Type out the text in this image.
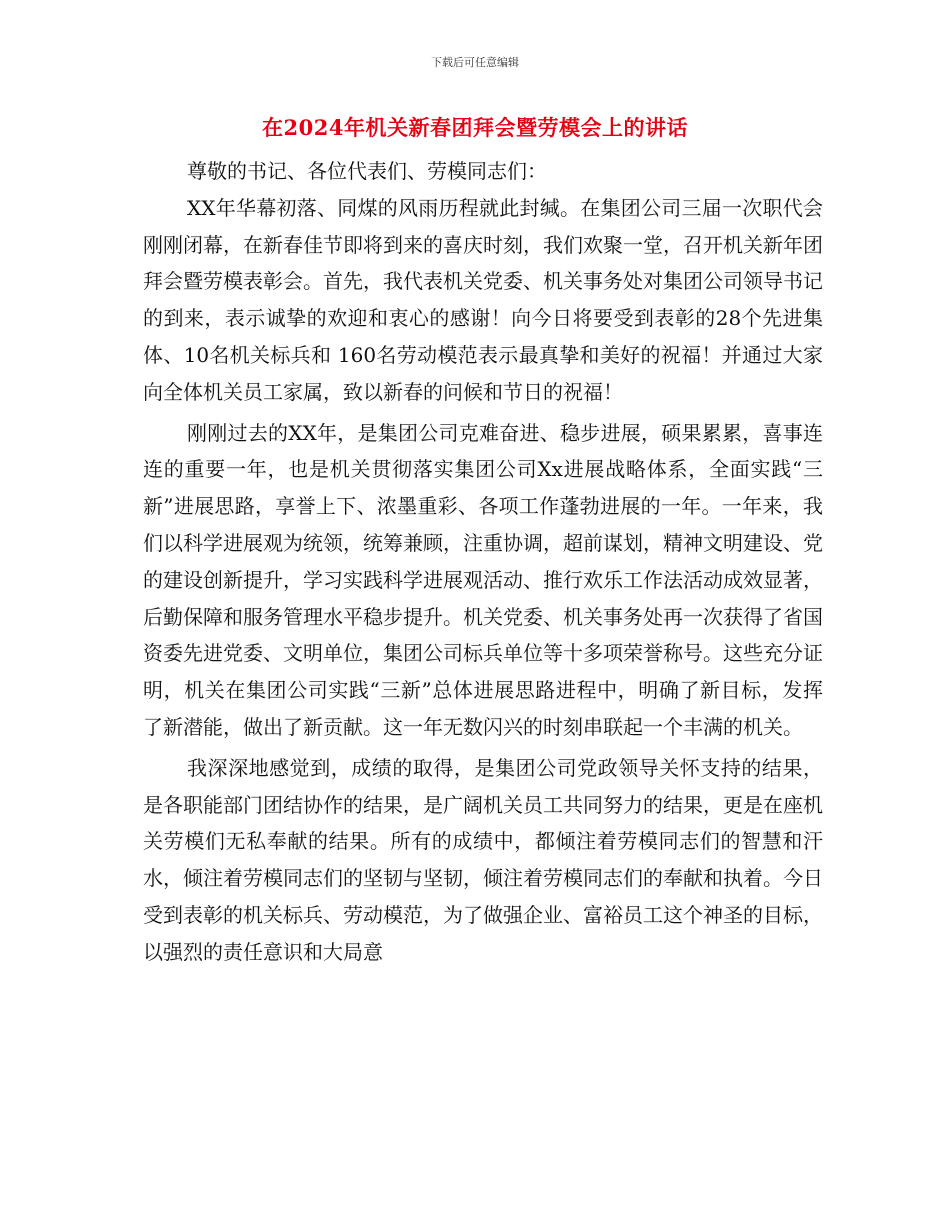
下载后可任意编辑
在2024年机关新春团拜会暨劳模会上的讲话

尊敬的书记、各位代表们、劳模同志们：

XX年华幕初落、同煤的风雨历程就此封缄。在集团公司三届一次职代会刚刚闭幕，在新春佳节即将到来的喜庆时刻，我们欢聚一堂，召开机关新年团拜会暨劳模表彰会。首先，我代表机关党委、机关事务处对集团公司领导书记的到来，表示诚挚的欢迎和衷心的感谢！向今日将要受到表彰的28个先进集体、10名机关标兵和 160名劳动模范表示最真挚和美好的祝福！并通过大家向全体机关员工家属，致以新春的问候和节日的祝福！

刚刚过去的XX年，是集团公司克难奋进、稳步进展，硕果累累，喜事连连的重要一年，也是机关贯彻落实集团公司Xx进展战略体系，全面实践“三新”进展思路，享誉上下、浓墨重彩、各项工作蓬勃进展的一年。一年来，我们以科学进展观为统领，统筹兼顾，注重协调，超前谋划，精神文明建设、党的建设创新提升，学习实践科学进展观活动、推行欢乐工作法活动成效显著，后勤保障和服务管理水平稳步提升。机关党委、机关事务处再一次获得了省国资委先进党委、文明单位，集团公司标兵单位等十多项荣誉称号。这些充分证明，机关在集团公司实践“三新”总体进展思路进程中，明确了新目标，发挥了新潜能，做出了新贡献。这一年无数闪兴的时刻串联起一个丰满的机关。

我深深地感觉到，成绩的取得，是集团公司党政领导关怀支持的结果，是各职能部门团结协作的结果，是广阔机关员工共同努力的结果，更是在座机关劳模们无私奉献的结果。所有的成绩中，都倾注着劳模同志们的智慧和汗水，倾注着劳模同志们的坚韧与坚韧，倾注着劳模同志们的奉献和执着。今日受到表彰的机关标兵、劳动模范，为了做强企业、富裕员工这个神圣的目标，以强烈的责任意识和大局意
